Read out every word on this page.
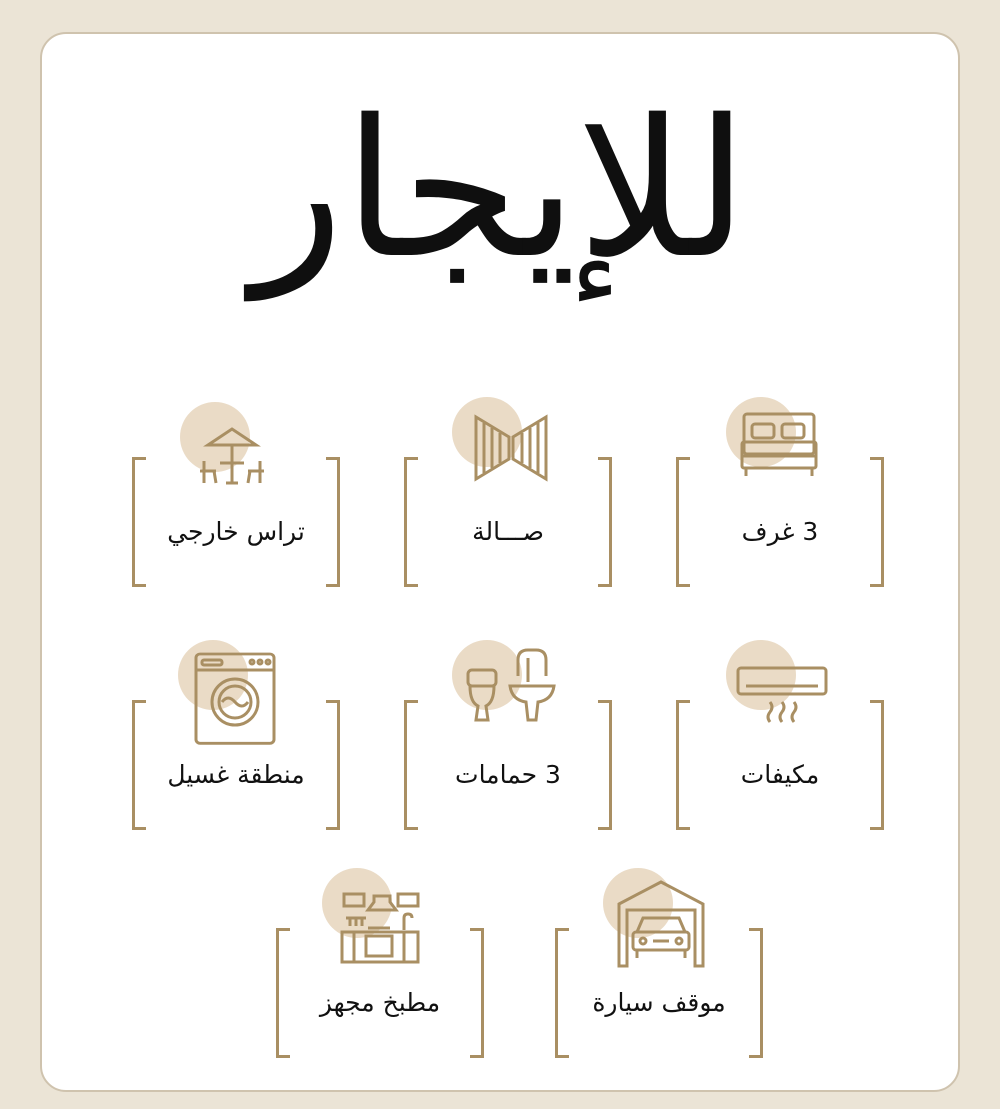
للإيجار
3 غرف
صـــالة
تراس خارجي
مكيفات
3 حمامات
منطقة غسيل
موقف سيارة
مطبخ مجهز
